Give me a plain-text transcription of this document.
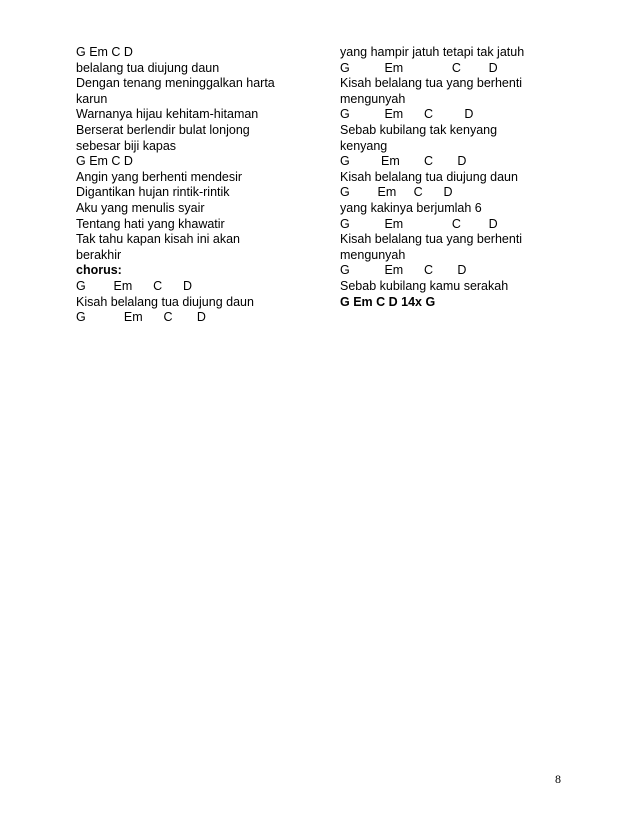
G Em C D
belalang tua diujung daun
Dengan tenang meninggalkan harta
karun
Warnanya hijau kehitam-hitaman
Berserat berlendir bulat lonjong
sebesar biji kapas
G Em C D
Angin yang berhenti mendesir
Digantikan hujan rintik-rintik
Aku yang menulis syair
Tentang hati yang khawatir
Tak tahu kapan kisah ini akan
berakhir
chorus:
G        Em      C      D
Kisah belalang tua diujung daun
G           Em      C       D
yang hampir jatuh tetapi tak jatuh
G          Em              C        D
Kisah belalang tua yang berhenti
mengunyah
G          Em      C         D
Sebab kubilang tak kenyang
kenyang
G         Em       C       D
Kisah belalang tua diujung daun
G        Em     C      D
yang kakinya berjumlah 6
G          Em              C        D
Kisah belalang tua yang berhenti
mengunyah
G          Em      C       D
Sebab kubilang kamu serakah
G Em C D 14x G
8
